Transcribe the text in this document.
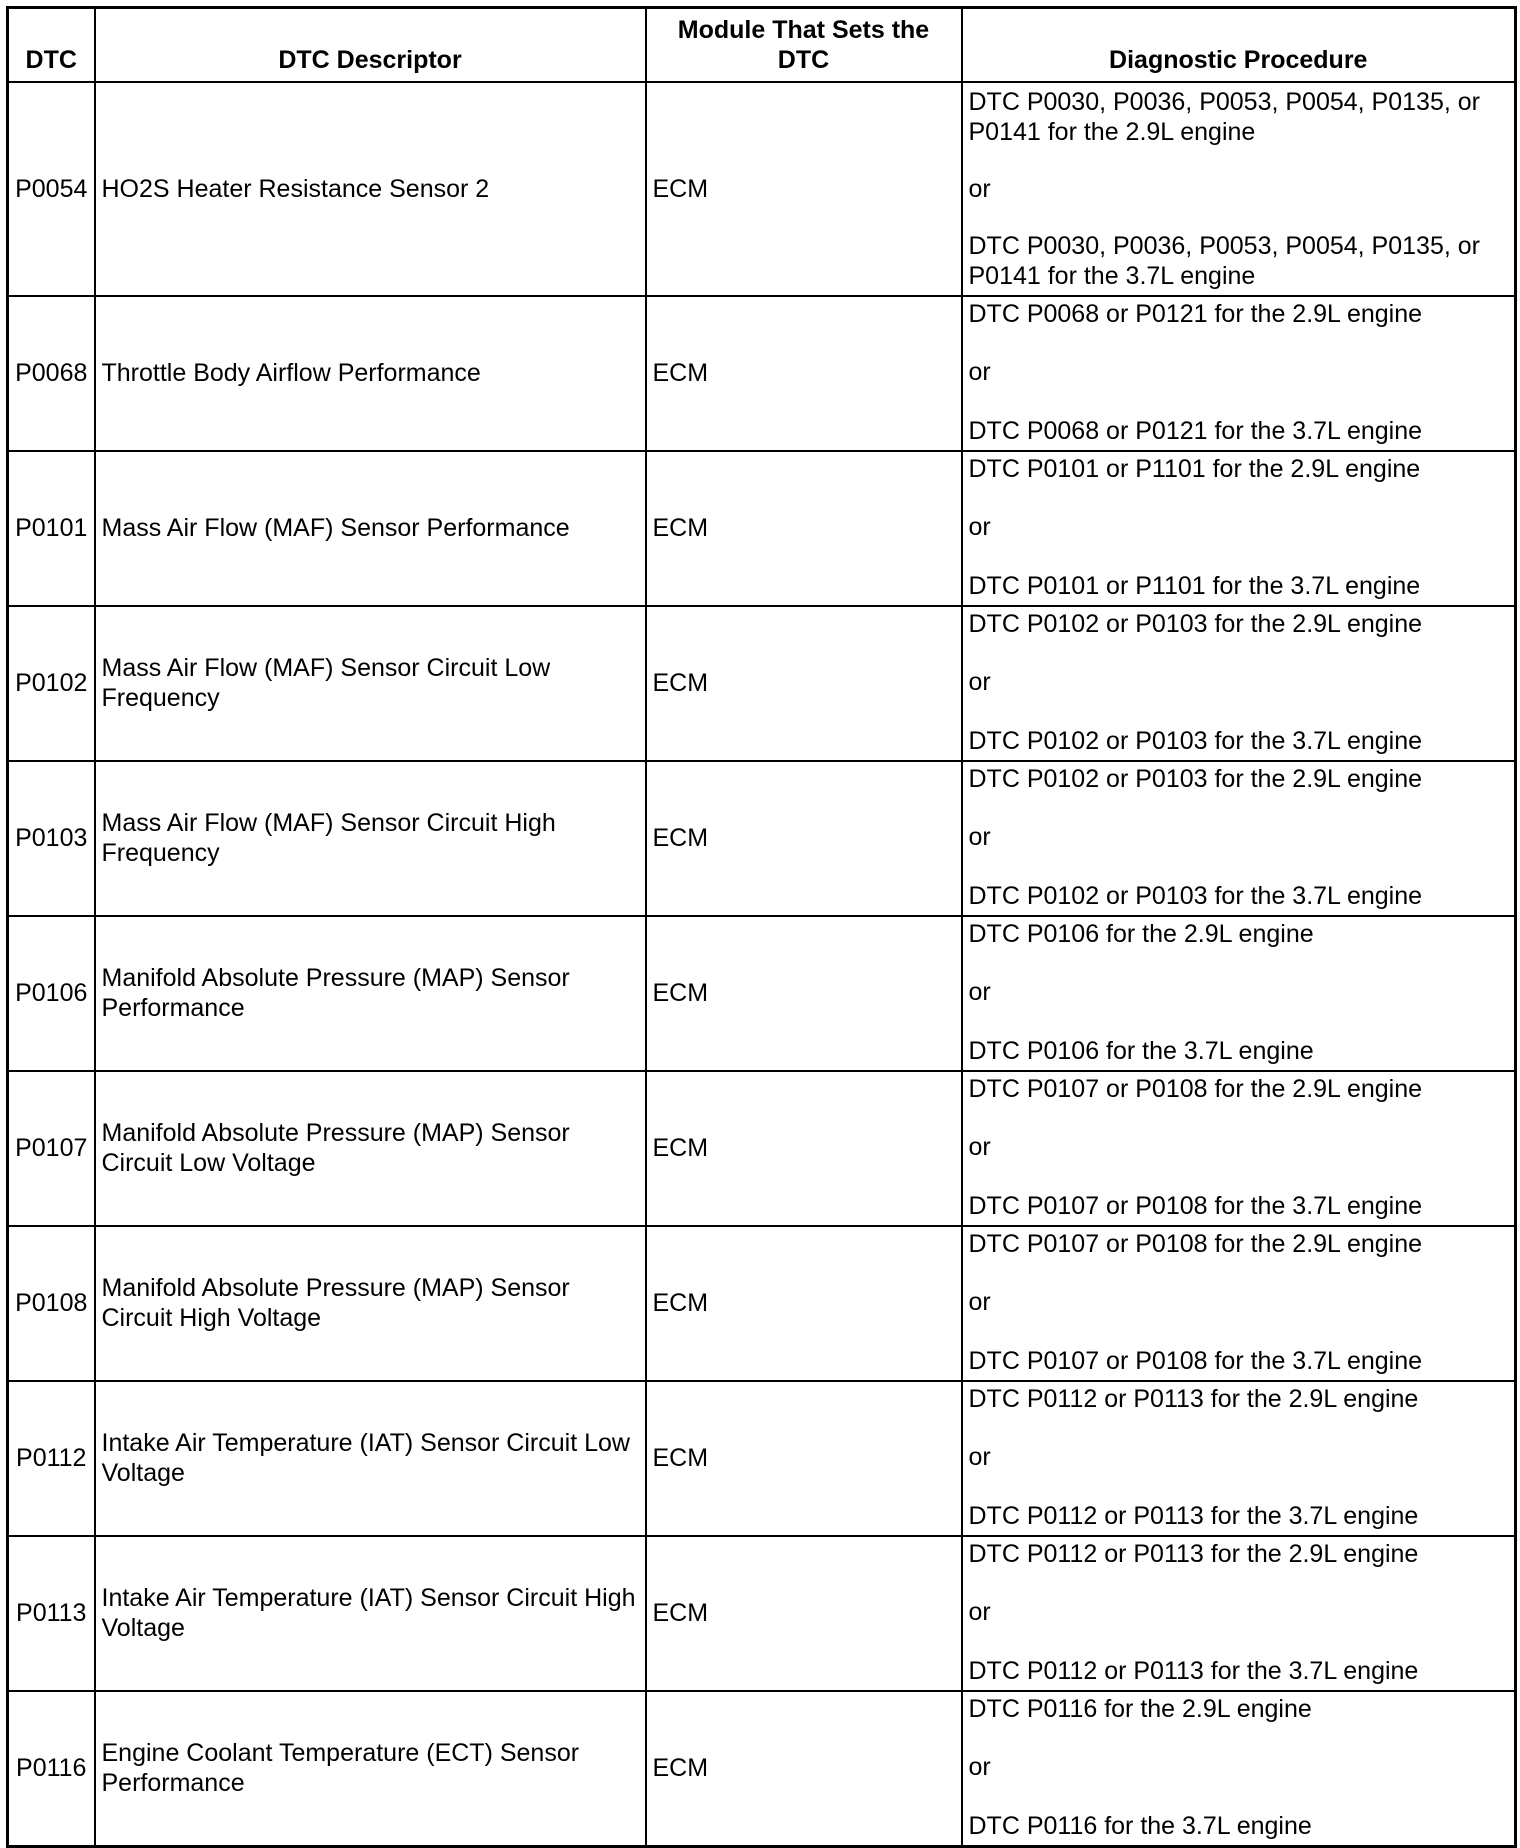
DTC	DTC Descriptor	Module That Sets the DTC	Diagnostic Procedure
P0054	HO2S Heater Resistance Sensor 2	ECM	DTC P0030, P0036, P0053, P0054, P0135, or P0141 for the 2.9L engine
or
DTC P0030, P0036, P0053, P0054, P0135, or P0141 for the 3.7L engine

P0068	Throttle Body Airflow Performance	ECM	DTC P0068 or P0121 for the 2.9L engine
or
DTC P0068 or P0121 for the 3.7L engine

P0101	Mass Air Flow (MAF) Sensor Performance	ECM	DTC P0101 or P1101 for the 2.9L engine
or
DTC P0101 or P1101 for the 3.7L engine

P0102	Mass Air Flow (MAF) Sensor Circuit Low Frequency	ECM	DTC P0102 or P0103 for the 2.9L engine
or
DTC P0102 or P0103 for the 3.7L engine

P0103	Mass Air Flow (MAF) Sensor Circuit High Frequency	ECM	DTC P0102 or P0103 for the 2.9L engine
or
DTC P0102 or P0103 for the 3.7L engine

P0106	Manifold Absolute Pressure (MAP) Sensor Performance	ECM	DTC P0106 for the 2.9L engine
or
DTC P0106 for the 3.7L engine

P0107	Manifold Absolute Pressure (MAP) Sensor Circuit Low Voltage	ECM	DTC P0107 or P0108 for the 2.9L engine
or
DTC P0107 or P0108 for the 3.7L engine

P0108	Manifold Absolute Pressure (MAP) Sensor Circuit High Voltage	ECM	DTC P0107 or P0108 for the 2.9L engine
or
DTC P0107 or P0108 for the 3.7L engine

P0112	Intake Air Temperature (IAT) Sensor Circuit Low Voltage	ECM	DTC P0112 or P0113 for the 2.9L engine
or
DTC P0112 or P0113 for the 3.7L engine

P0113	Intake Air Temperature (IAT) Sensor Circuit High Voltage	ECM	DTC P0112 or P0113 for the 2.9L engine
or
DTC P0112 or P0113 for the 3.7L engine

P0116	Engine Coolant Temperature (ECT) Sensor Performance	ECM	DTC P0116 for the 2.9L engine
or
DTC P0116 for the 3.7L engine
